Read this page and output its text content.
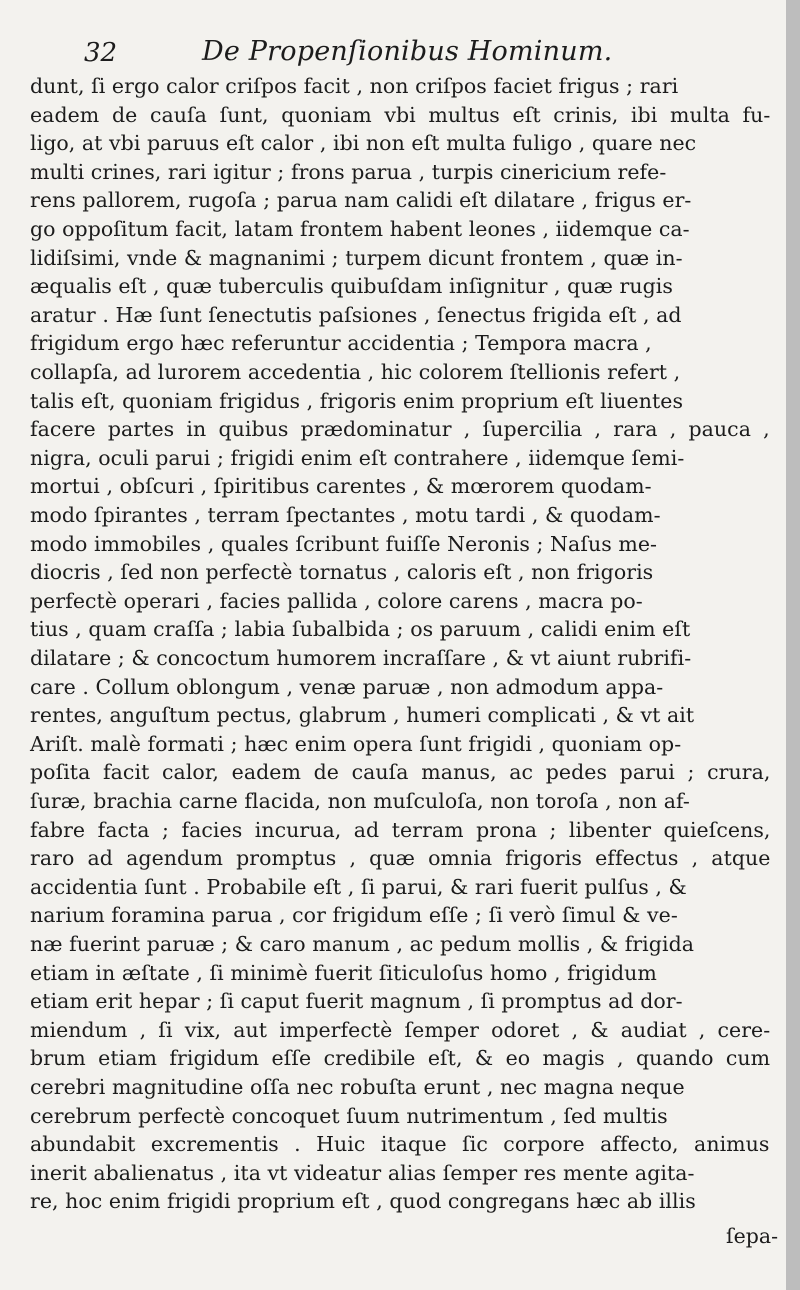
32	De Propenſionibus Hominum.
dunt, ſi ergo calor criſpos facit , non criſpos faciet frigus ; rari
eadem de cauſa ſunt, quoniam vbi multus eſt crinis, ibi multa fu-
ligo, at vbi paruus eſt calor , ibi non eſt multa fuligo , quare nec
multi crines, rari igitur ; frons parua , turpis cinericium refe-
rens pallorem, rugoſa ; parua nam calidi eſt dilatare , frigus er-
go oppoſitum facit, latam frontem habent leones , iidemque ca-
lidiſsimi, vnde & magnanimi ; turpem dicunt frontem , quæ in-
æqualis eſt , quæ tuberculis quibuſdam inſignitur , quæ rugis
aratur . Hæ ſunt ſenectutis paſsiones , ſenectus frigida eſt , ad
frigidum ergo hæc referuntur accidentia ; Tempora macra ,
collapſa, ad lurorem accedentia , hic colorem ſtellionis refert ,
talis eſt, quoniam frigidus , frigoris enim proprium eſt liuentes
facere partes in quibus prædominatur , ſupercilia , rara , pauca ,
nigra, oculi parui ; frigidi enim eſt contrahere , iidemque ſemi-
mortui , obſcuri , ſpiritibus carentes , & mœrorem quodam-
modo ſpirantes , terram ſpectantes , motu tardi , & quodam-
modo immobiles , quales ſcribunt fuiſſe Neronis ; Naſus me-
diocris , ſed non perfectè tornatus , caloris eſt , non frigoris
perfectè operari , facies pallida , colore carens , macra po-
tius , quam craſſa ; labia ſubalbida ; os paruum , calidi enim eſt
dilatare ; & concoctum humorem incraſſare , & vt aiunt rubrifi-
care . Collum oblongum , venæ paruæ , non admodum appa-
rentes, anguſtum pectus, glabrum , humeri complicati , & vt ait
Ariſt. malè formati ; hæc enim opera ſunt frigidi , quoniam op-
poſita facit calor, eadem de cauſa manus, ac pedes parui ; crura,
ſuræ, brachia carne flacida, non muſculoſa, non toroſa , non af-
fabre facta ; facies incurua, ad terram prona ; libenter quieſcens,
raro ad agendum promptus , quæ omnia frigoris effectus , atque
accidentia ſunt . Probabile eſt , ſi parui, & rari fuerit pulſus , &
narium foramina parua , cor frigidum eſſe ; ſi verò ſimul & ve-
næ fuerint paruæ ; & caro manum , ac pedum mollis , & frigida
etiam in æſtate , ſi minimè fuerit ſiticuloſus homo , frigidum
etiam erit hepar ; ſi caput fuerit magnum , ſi promptus ad dor-
miendum , ſi vix, aut imperfectè ſemper odoret , & audiat , cere-
brum etiam frigidum eſſe credibile eſt, & eo magis , quando cum
cerebri magnitudine oſſa nec robuſta erunt , nec magna neque
cerebrum perfectè concoquet ſuum nutrimentum , ſed multis
abundabit excrementis . Huic itaque ſic corpore affecto, animus
inerit abalienatus , ita vt videatur alias ſemper res mente agita-
re, hoc enim frigidi proprium eſt , quod congregans hæc ab illis
ſepa-
